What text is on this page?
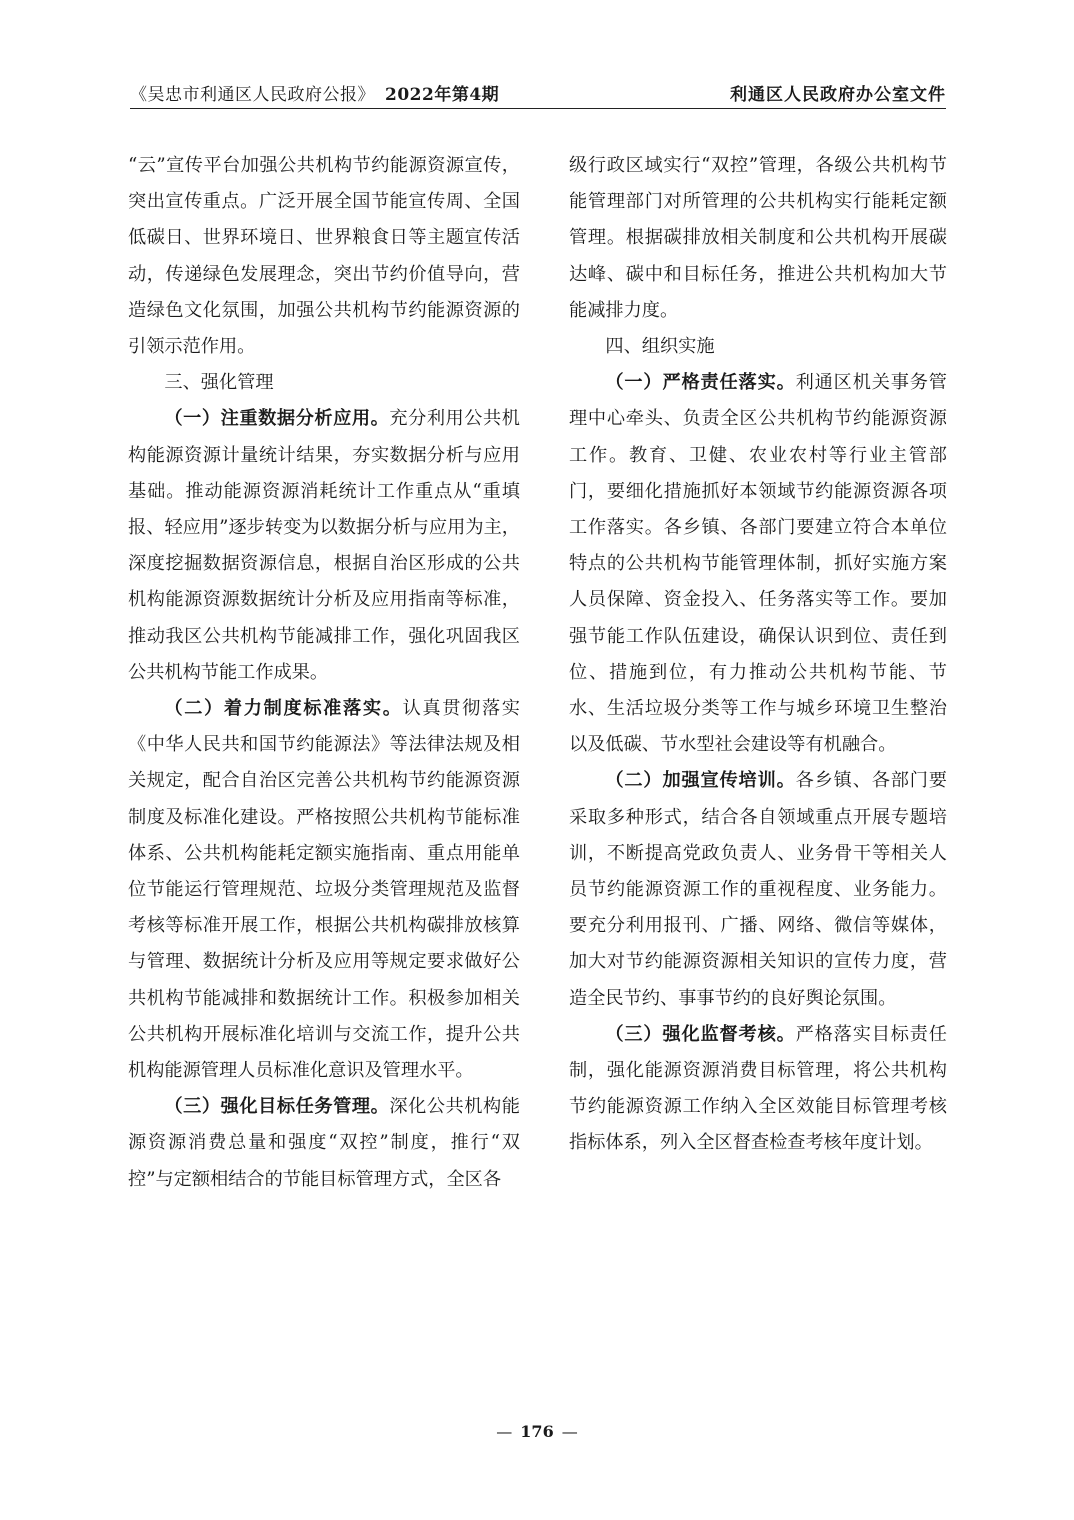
《吴忠市利通区人民政府公报》 2022年第4期	利通区人民政府办公室文件

“云”宣传平台加强公共机构节约能源资源宣传，突出宣传重点。广泛开展全国节能宣传周、全国低碳日、世界环境日、世界粮食日等主题宣传活动，传递绿色发展理念，突出节约价值导向，营造绿色文化氛围，加强公共机构节约能源资源的引领示范作用。

三、强化管理

（一）注重数据分析应用。充分利用公共机构能源资源计量统计结果，夯实数据分析与应用基础。推动能源资源消耗统计工作重点从“重填报、轻应用”逐步转变为以数据分析与应用为主，深度挖掘数据资源信息，根据自治区形成的公共机构能源资源数据统计分析及应用指南等标准，推动我区公共机构节能减排工作，强化巩固我区公共机构节能工作成果。

（二）着力制度标准落实。认真贯彻落实《中华人民共和国节约能源法》等法律法规及相关规定，配合自治区完善公共机构节约能源资源制度及标准化建设。严格按照公共机构节能标准体系、公共机构能耗定额实施指南、重点用能单位节能运行管理规范、垃圾分类管理规范及监督考核等标准开展工作，根据公共机构碳排放核算与管理、数据统计分析及应用等规定要求做好公共机构节能减排和数据统计工作。积极参加相关公共机构开展标准化培训与交流工作，提升公共机构能源管理人员标准化意识及管理水平。

（三）强化目标任务管理。深化公共机构能源资源消费总量和强度“双控”制度，推行“双控”与定额相结合的节能目标管理方式，全区各

级行政区域实行“双控”管理，各级公共机构节能管理部门对所管理的公共机构实行能耗定额管理。根据碳排放相关制度和公共机构开展碳达峰、碳中和目标任务，推进公共机构加大节能减排力度。

四、组织实施

（一）严格责任落实。利通区机关事务管理中心牵头、负责全区公共机构节约能源资源工作。教育、卫健、农业农村等行业主管部门，要细化措施抓好本领域节约能源资源各项工作落实。各乡镇、各部门要建立符合本单位特点的公共机构节能管理体制，抓好实施方案人员保障、资金投入、任务落实等工作。要加强节能工作队伍建设，确保认识到位、责任到位、措施到位，有力推动公共机构节能、节水、生活垃圾分类等工作与城乡环境卫生整治以及低碳、节水型社会建设等有机融合。

（二）加强宣传培训。各乡镇、各部门要采取多种形式，结合各自领域重点开展专题培训，不断提高党政负责人、业务骨干等相关人员节约能源资源工作的重视程度、业务能力。要充分利用报刊、广播、网络、微信等媒体，加大对节约能源资源相关知识的宣传力度，营造全民节约、事事节约的良好舆论氛围。

（三）强化监督考核。严格落实目标责任制，强化能源资源消费目标管理，将公共机构节约能源资源工作纳入全区效能目标管理考核指标体系，列入全区督查检查考核年度计划。

— 176 —
